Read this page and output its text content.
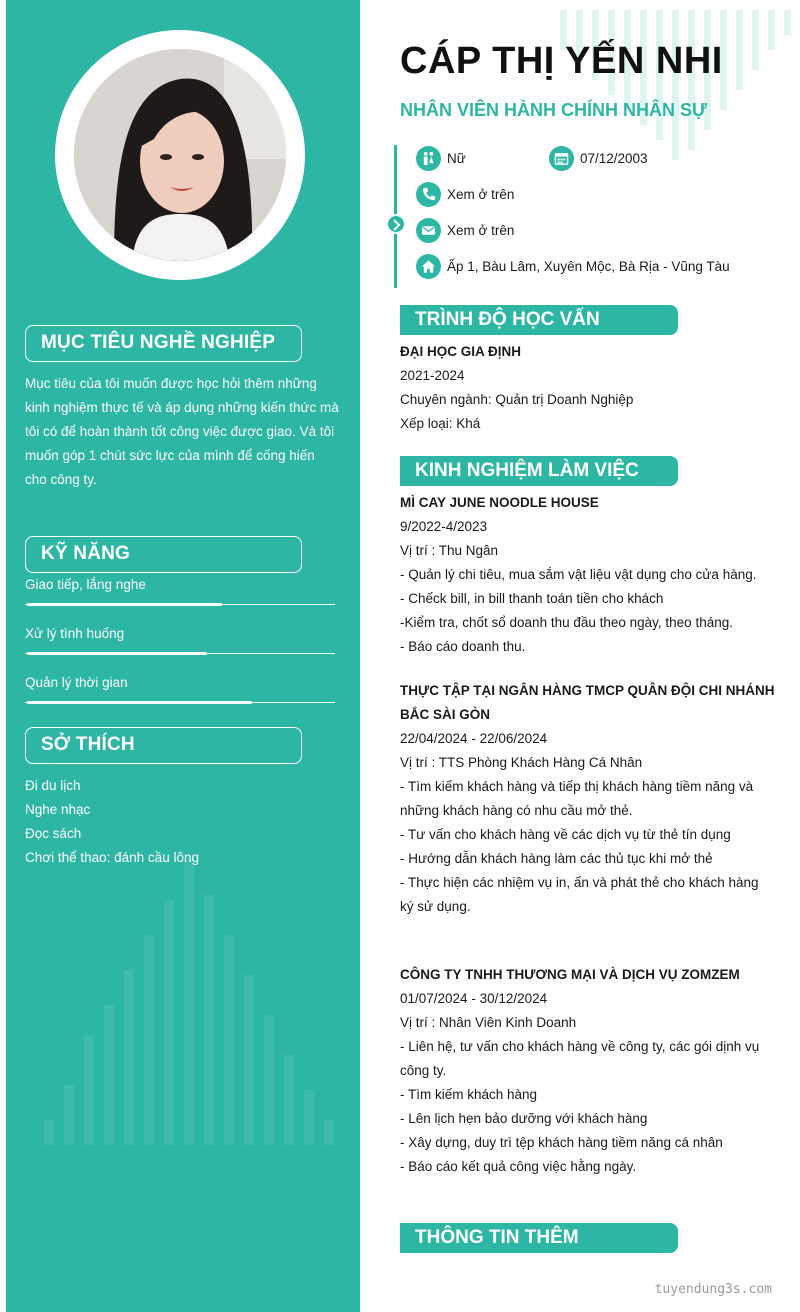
MỤC TIÊU NGHỀ NGHIỆP
Mục tiêu của tôi muốn được học hỏi thêm những kinh nghiệm thực tế và áp dụng những kiến thức mà tôi có để hoàn thành tốt công việc được giao. Và tôi muốn góp 1 chút sức lực của mình để cống hiến cho công ty.
KỸ NĂNG
Giao tiếp, lắng nghe
Xử lý tình huống
Quản lý thời gian
SỞ THÍCH
Đi du lịch
Nghe nhạc
Đọc sách
Chơi thể thao: đánh cầu lông
CÁP THỊ YẾN NHI
NHÂN VIÊN HÀNH CHÍNH NHÂN SỰ
Nữ	07/12/2003
Xem ở trên
Xem ở trên
Ấp 1, Bàu Lâm, Xuyên Mộc, Bà Rịa - Vũng Tàu
TRÌNH ĐỘ HỌC VẤN
ĐẠI HỌC GIA ĐỊNH
2021-2024
Chuyên ngành: Quản trị Doanh Nghiệp
Xếp loại: Khá
KINH NGHIỆM LÀM VIỆC
MÌ CAY JUNE NOODLE HOUSE
9/2022-4/2023
Vị trí : Thu Ngân
- Quản lý chi tiêu, mua sắm vật liệu vật dụng cho cửa hàng.
- Chếck bill, in bill thanh toán tiền cho khách
-Kiểm tra, chốt sổ doanh thu đầu theo ngày, theo tháng.
- Báo cáo doanh thu.
THỰC TẬP TẠI NGÂN HÀNG TMCP QUÂN ĐỘI CHI NHÁNH BẮC SÀI GÒN
22/04/2024 - 22/06/2024
Vị trí : TTS Phòng Khách Hàng Cá Nhân
- Tìm kiếm khách hàng và tiếp thị khách hàng tiềm năng và những khách hàng có nhu cầu mở thẻ.
- Tư vấn cho khách hàng về các dịch vụ từ thẻ tín dụng
- Hướng dẫn khách hàng làm các thủ tục khi mở thẻ
- Thực hiện các nhiệm vụ in, ấn và phát thẻ cho khách hàng ký sử dụng.
CÔNG TY TNHH THƯƠNG MẠI VÀ DỊCH VỤ ZOMZEM
01/07/2024 - 30/12/2024
Vị trí : Nhân Viên Kinh Doanh
- Liên hệ, tư vấn cho khách hàng về công ty, các gói dịnh vụ công ty.
- Tìm kiếm khách hàng
- Lên lịch hẹn bảo dưỡng với khách hàng
- Xây dựng, duy trì tệp khách hàng tiềm năng cá nhân
- Báo cáo kết quả công việc hằng ngày.
THÔNG TIN THÊM
tuyendung3s.com
